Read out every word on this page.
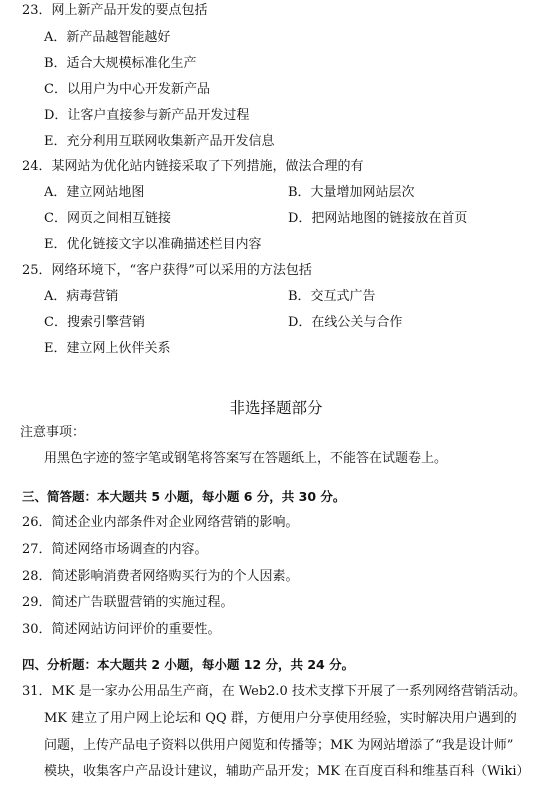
23．网上新产品开发的要点包括
A．新产品越智能越好
B．适合大规模标准化生产
C．以用户为中心开发新产品
D．让客户直接参与新产品开发过程
E．充分利用互联网收集新产品开发信息
24．某网站为优化站内链接采取了下列措施，做法合理的有
A．建立网站地图	B．大量增加网站层次
C．网页之间相互链接	D．把网站地图的链接放在首页
E．优化链接文字以准确描述栏目内容
25．网络环境下，“客户获得”可以采用的方法包括
A．病毒营销	B．交互式广告
C．搜索引擎营销	D．在线公关与合作
E．建立网上伙伴关系
非选择题部分
注意事项：
用黑色字迹的签字笔或钢笔将答案写在答题纸上，不能答在试题卷上。
三、简答题：本大题共 5 小题，每小题 6 分，共 30 分。
26．简述企业内部条件对企业网络营销的影响。
27．简述网络市场调查的内容。
28．简述影响消费者网络购买行为的个人因素。
29．简述广告联盟营销的实施过程。
30．简述网站访问评价的重要性。
四、分析题：本大题共 2 小题，每小题 12 分，共 24 分。
31．MK 是一家办公用品生产商，在 Web2.0 技术支撑下开展了一系列网络营销活动。
MK 建立了用户网上论坛和 QQ 群，方便用户分享使用经验，实时解决用户遇到的
问题，上传产品电子资料以供用户阅览和传播等；MK 为网站增添了“我是设计师”
模块，收集客户产品设计建议，辅助产品开发；MK 在百度百科和维基百科（Wiki）
